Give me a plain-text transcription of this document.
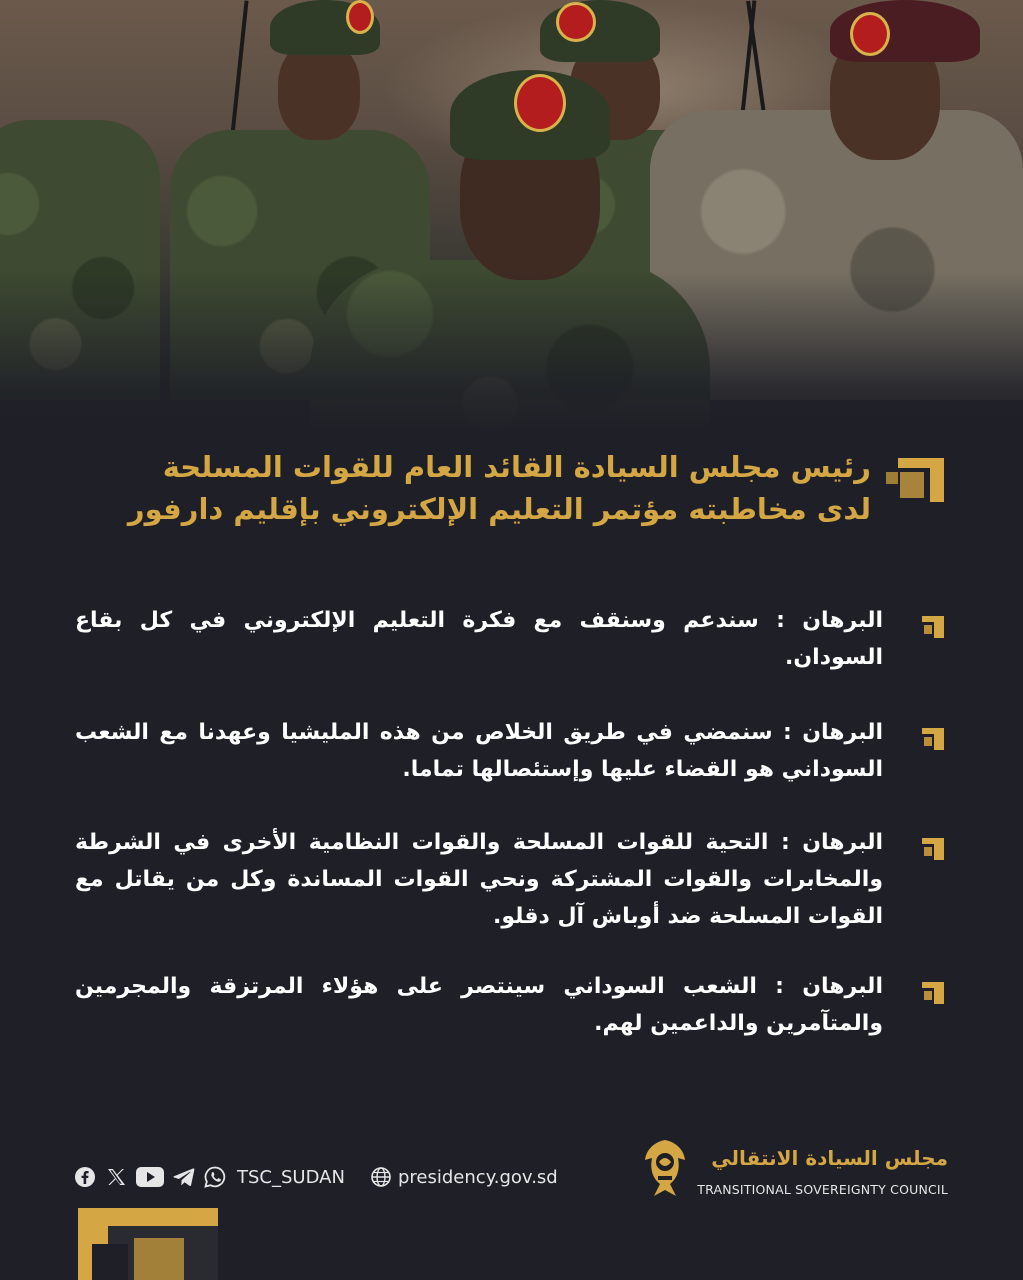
رئيس مجلس السيادة القائد العام للقوات المسلحة
لدى مخاطبته مؤتمر التعليم الإلكتروني بإقليم دارفور
البرهان : سندعم وسنقف مع فكرة التعليم الإلكتروني في كل بقاع السودان.
البرهان : سنمضي في طريق الخلاص من هذه المليشيا وعهدنا مع الشعب السوداني هو القضاء عليها وإستئصالها تماما.
البرهان : التحية للقوات المسلحة والقوات النظامية الأخرى في الشرطة والمخابرات والقوات المشتركة ونحي القوات المساندة وكل من يقاتل مع القوات المسلحة ضد أوباش آل دقلو.
البرهان : الشعب السوداني سينتصر على هؤلاء المرتزقة والمجرمين والمتآمرين والداعمين لهم.
TSC_SUDAN	presidency.gov.sd
مجلس السيادة الانتقالي
TRANSITIONAL SOVEREIGNTY COUNCIL
